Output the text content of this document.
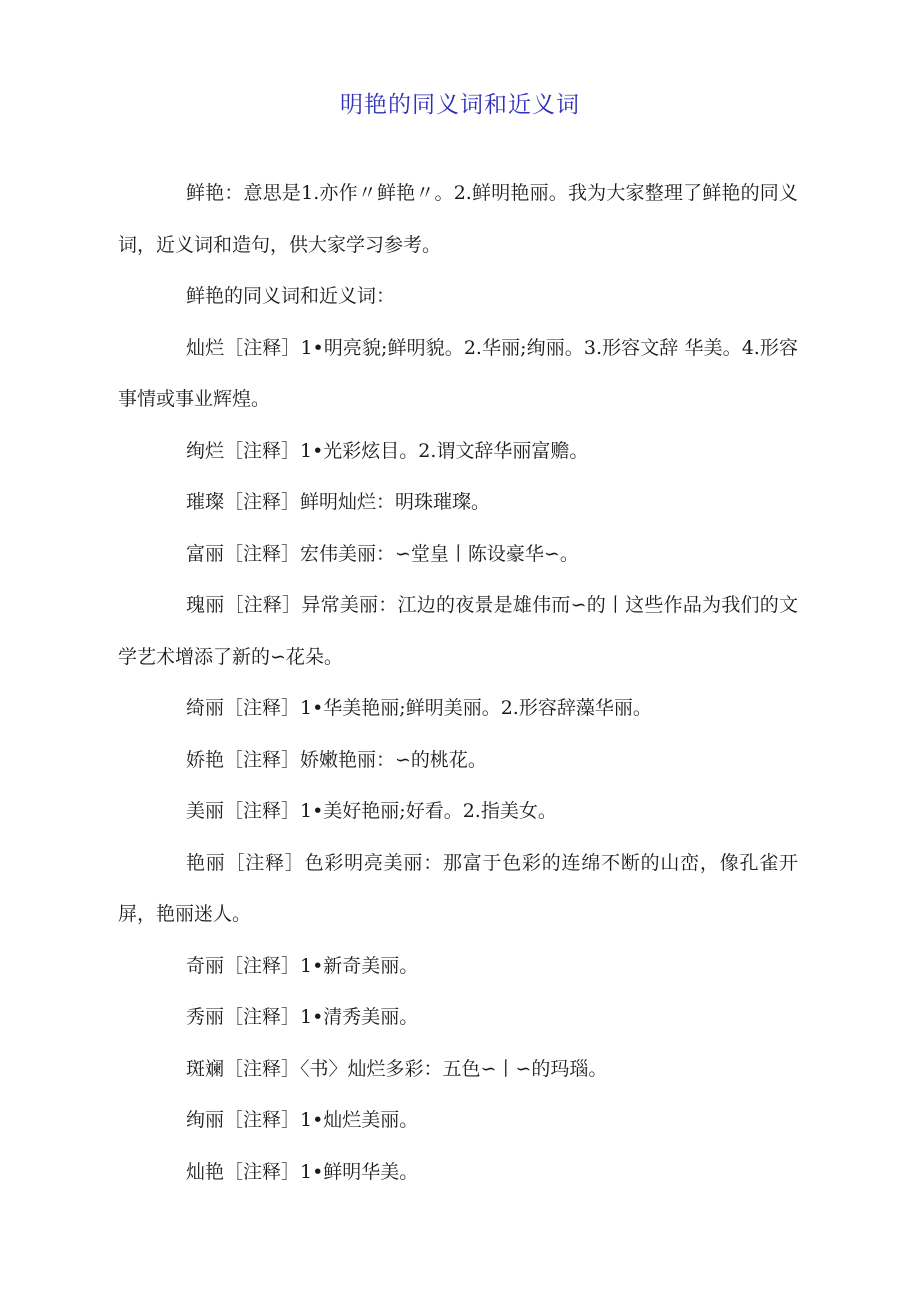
明艳的同义词和近义词

鲜艳：意思是1.亦作〃鲜艳〃。2.鲜明艳丽。我为大家整理了鲜艳的同义词，近义词和造句，供大家学习参考。

鲜艳的同义词和近义词：

灿烂［注释］1•明亮貌;鲜明貌。2.华丽;绚丽。3.形容文辞 华美。4.形容事情或事业辉煌。

绚烂［注释］1•光彩炫目。2.谓文辞华丽富赡。

璀璨［注释］鲜明灿烂：明珠璀璨。

富丽［注释］宏伟美丽：∽堂皇丨陈设豪华∽。

瑰丽［注释］异常美丽：江边的夜景是雄伟而∽的丨这些作品为我们的文学艺术增添了新的∽花朵。

绮丽［注释］1•华美艳丽;鲜明美丽。2.形容辞藻华丽。

娇艳［注释］娇嫩艳丽：∽的桃花。

美丽［注释］1•美好艳丽;好看。2.指美女。

艳丽［注释］色彩明亮美丽：那富于色彩的连绵不断的山峦，像孔雀开屏，艳丽迷人。

奇丽［注释］1•新奇美丽。

秀丽［注释］1•清秀美丽。

斑斓［注释］〈书〉灿烂多彩：五色∽丨∽的玛瑙。

绚丽［注释］1•灿烂美丽。

灿艳［注释］1•鲜明华美。
